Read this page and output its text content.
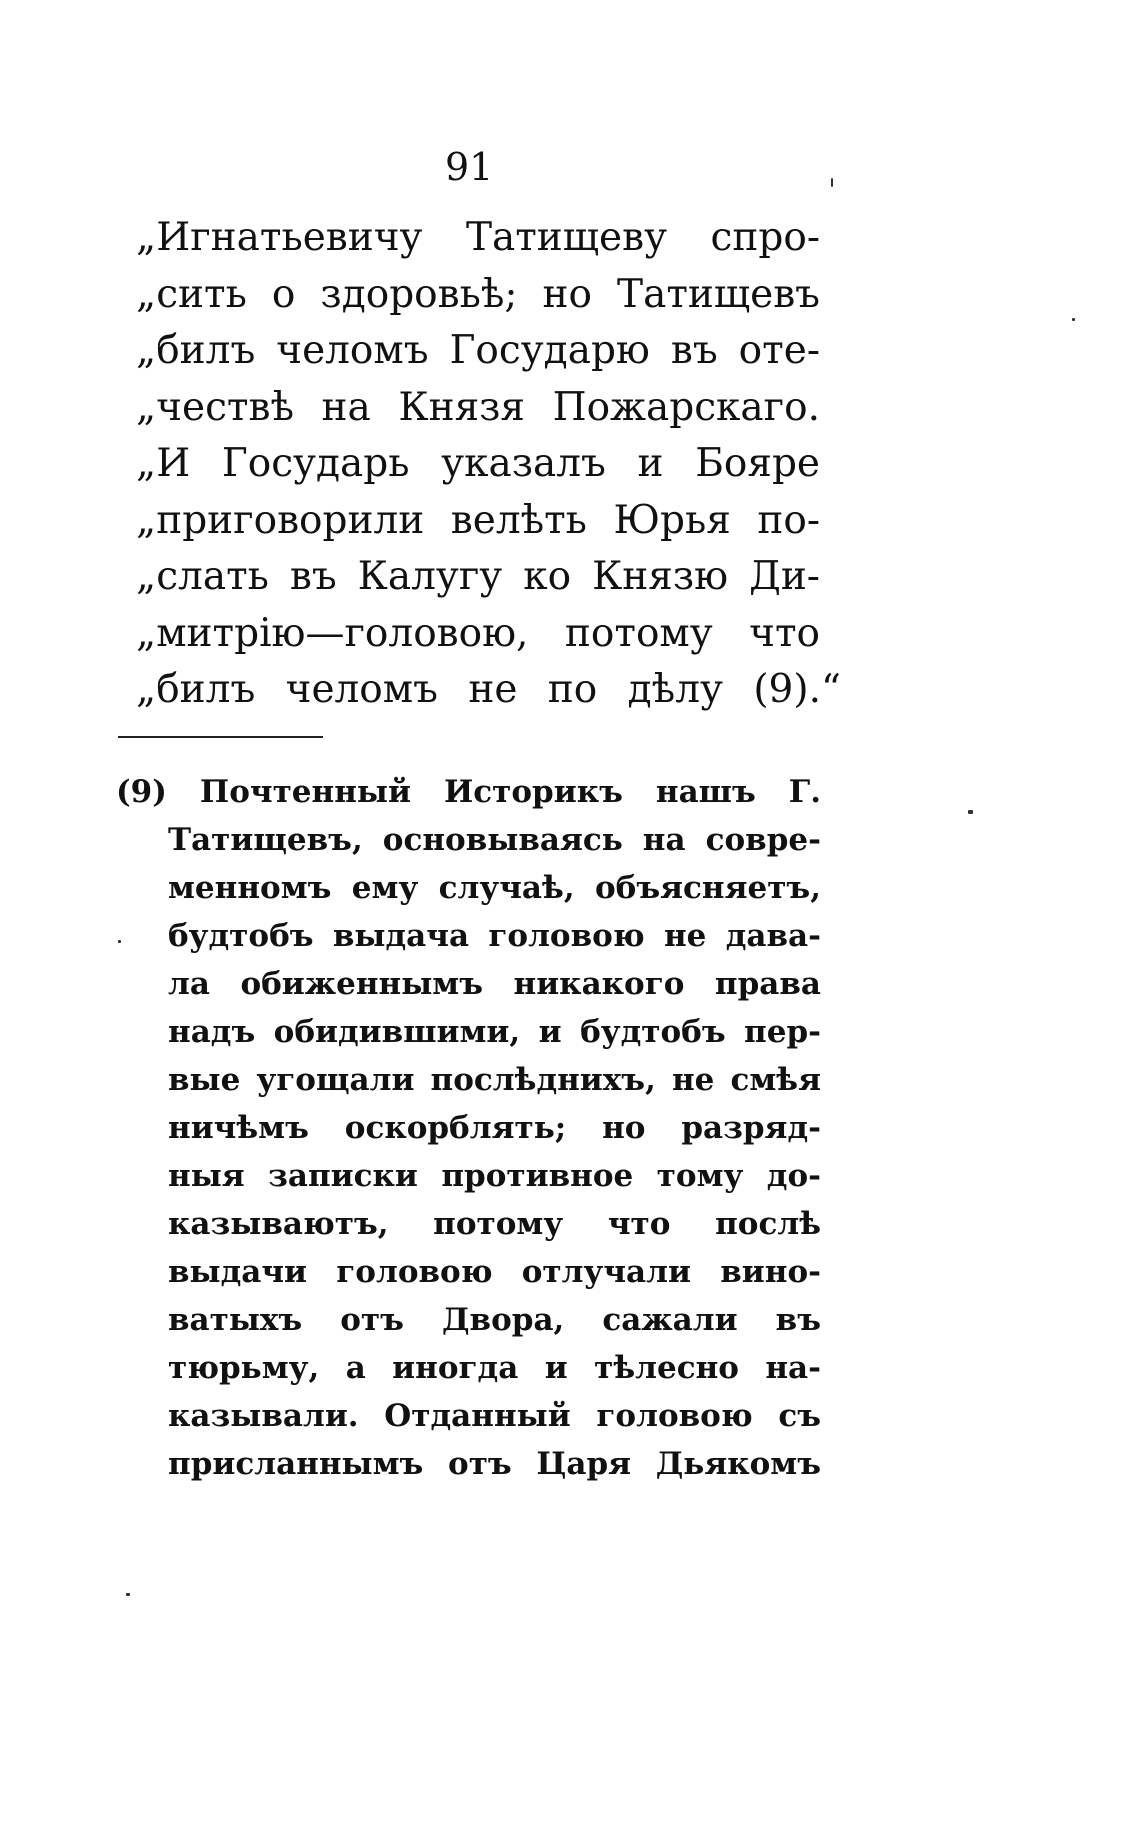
91
„Игнатьевичу Татищеву спро-
„сить о здоровьѣ; но Татищевъ
„билъ челомъ Государю въ оте-
„чествѣ на Князя Пожарскаго.
„И Государь указалъ и Бояре
„приговорили велѣть Юрья по-
„слать въ Калугу ко Князю Ди-
„митрію—головою, потому что
„билъ челомъ не по дѣлу (9).“
(9) Почтенный Историкъ нашъ Г.
Татищевъ, основываясь на совре-
менномъ ему случаѣ, объясняетъ,
будтобъ выдача головою не дава-
ла обиженнымъ никакого права
надъ обидившими, и будтобъ пер-
вые угощали послѣднихъ, не смѣя
ничѣмъ оскорблять; но разряд-
ныя записки противное тому до-
казываютъ, потому что послѣ
выдачи головою отлучали вино-
ватыхъ отъ Двора, сажали въ
тюрьму, а иногда и тѣлесно на-
казывали. Отданный головою съ
присланнымъ отъ Царя Дьякомъ
